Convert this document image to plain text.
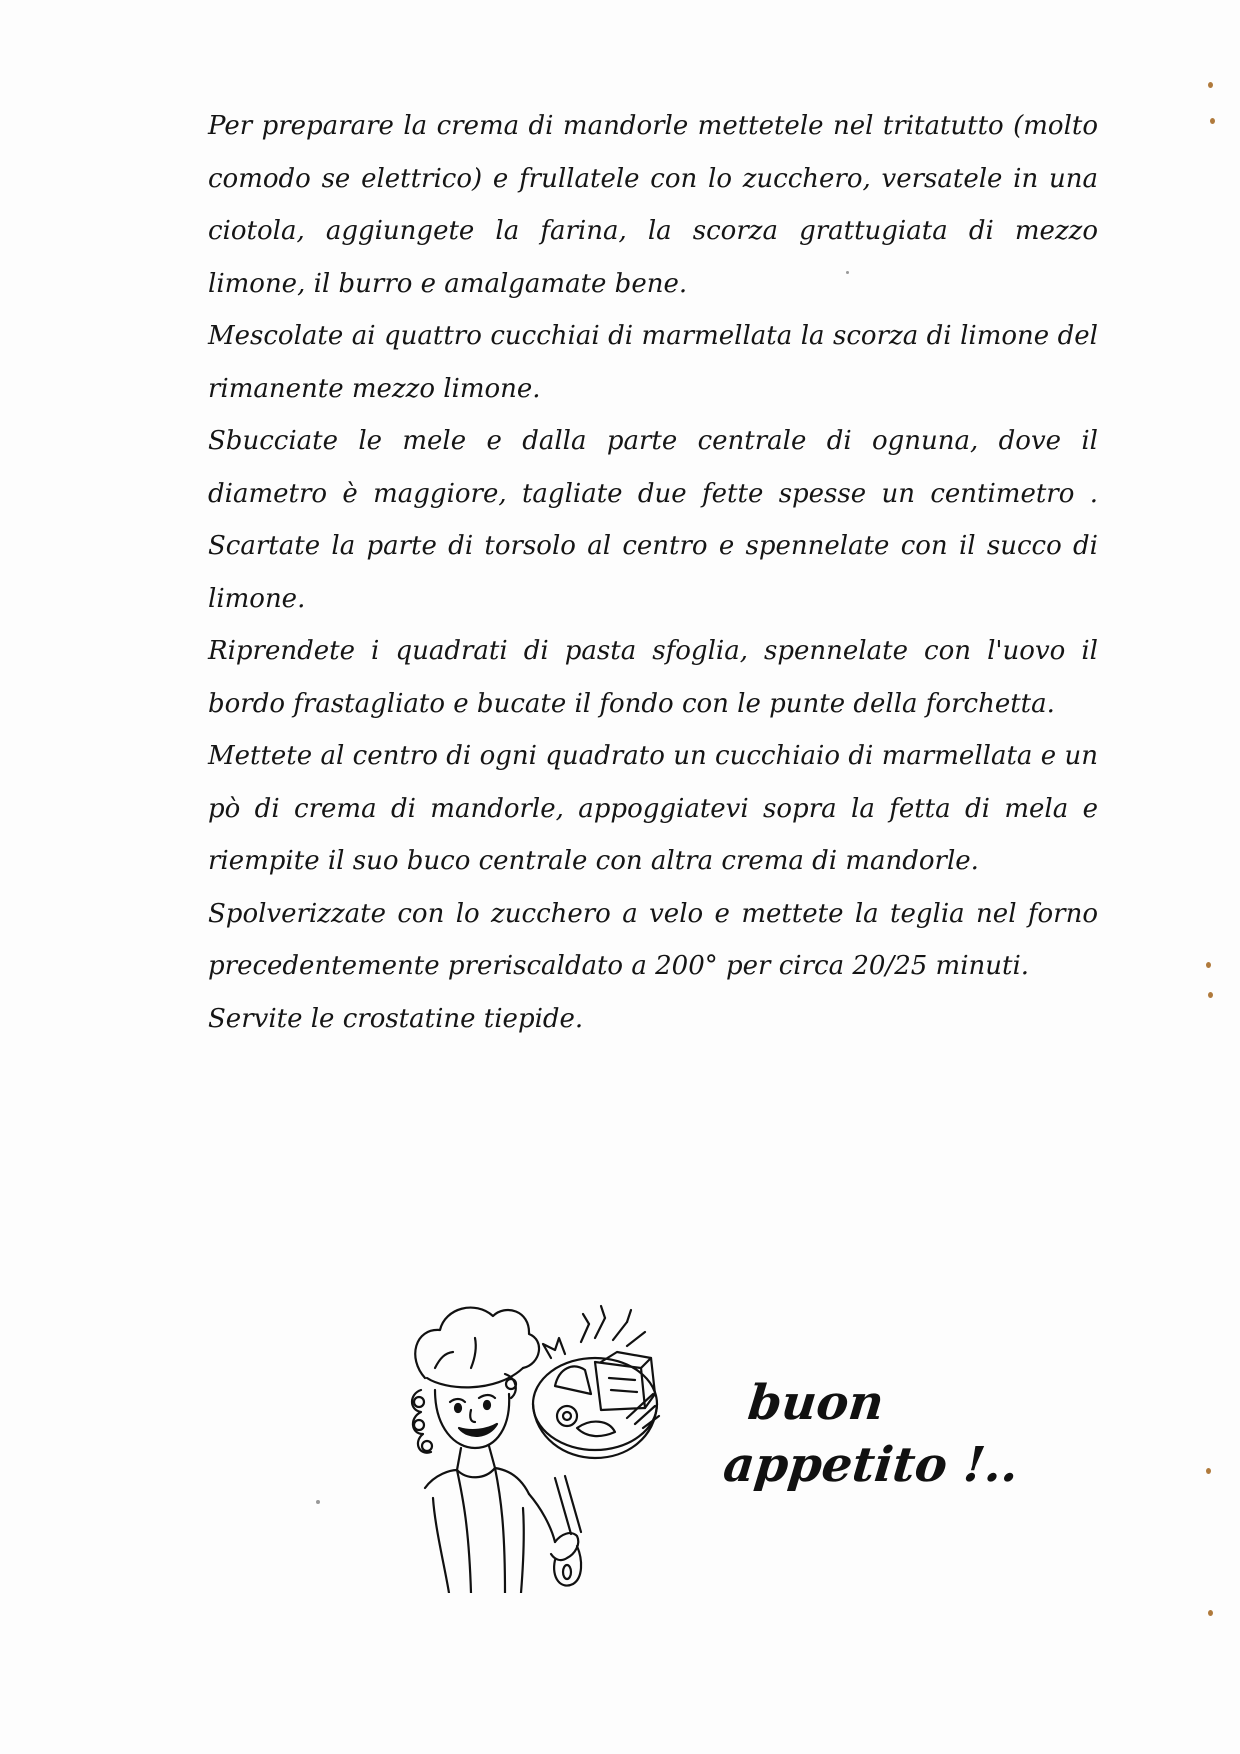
Per preparare la crema di mandorle mettetele nel tritatutto (molto comodo se elettrico) e frullatele con lo zucchero, versatele in una ciotola, aggiungete la farina, la scorza grattugiata di mezzo limone, il burro e amalgamate bene.

Mescolate ai quattro cucchiai di marmellata la scorza di limone del rimanente mezzo limone.

Sbucciate le mele e dalla parte centrale di ognuna, dove il diametro è maggiore, tagliate due fette spesse un centimetro . Scartate la parte di torsolo al centro e spennelate con il succo di limone.

Riprendete i quadrati di pasta sfoglia, spennelate con l'uovo il bordo frastagliato e bucate il fondo con le punte della forchetta.

Mettete al centro di ogni quadrato un cucchiaio di marmellata e un pò di crema di mandorle, appoggiatevi sopra la fetta di mela e riempite il suo buco centrale con altra crema di mandorle.

Spolverizzate con lo zucchero a velo e mettete la teglia nel forno precedentemente preriscaldato a 200° per circa 20/25 minuti.

Servite le crostatine tiepide.

buon
appetito !..
